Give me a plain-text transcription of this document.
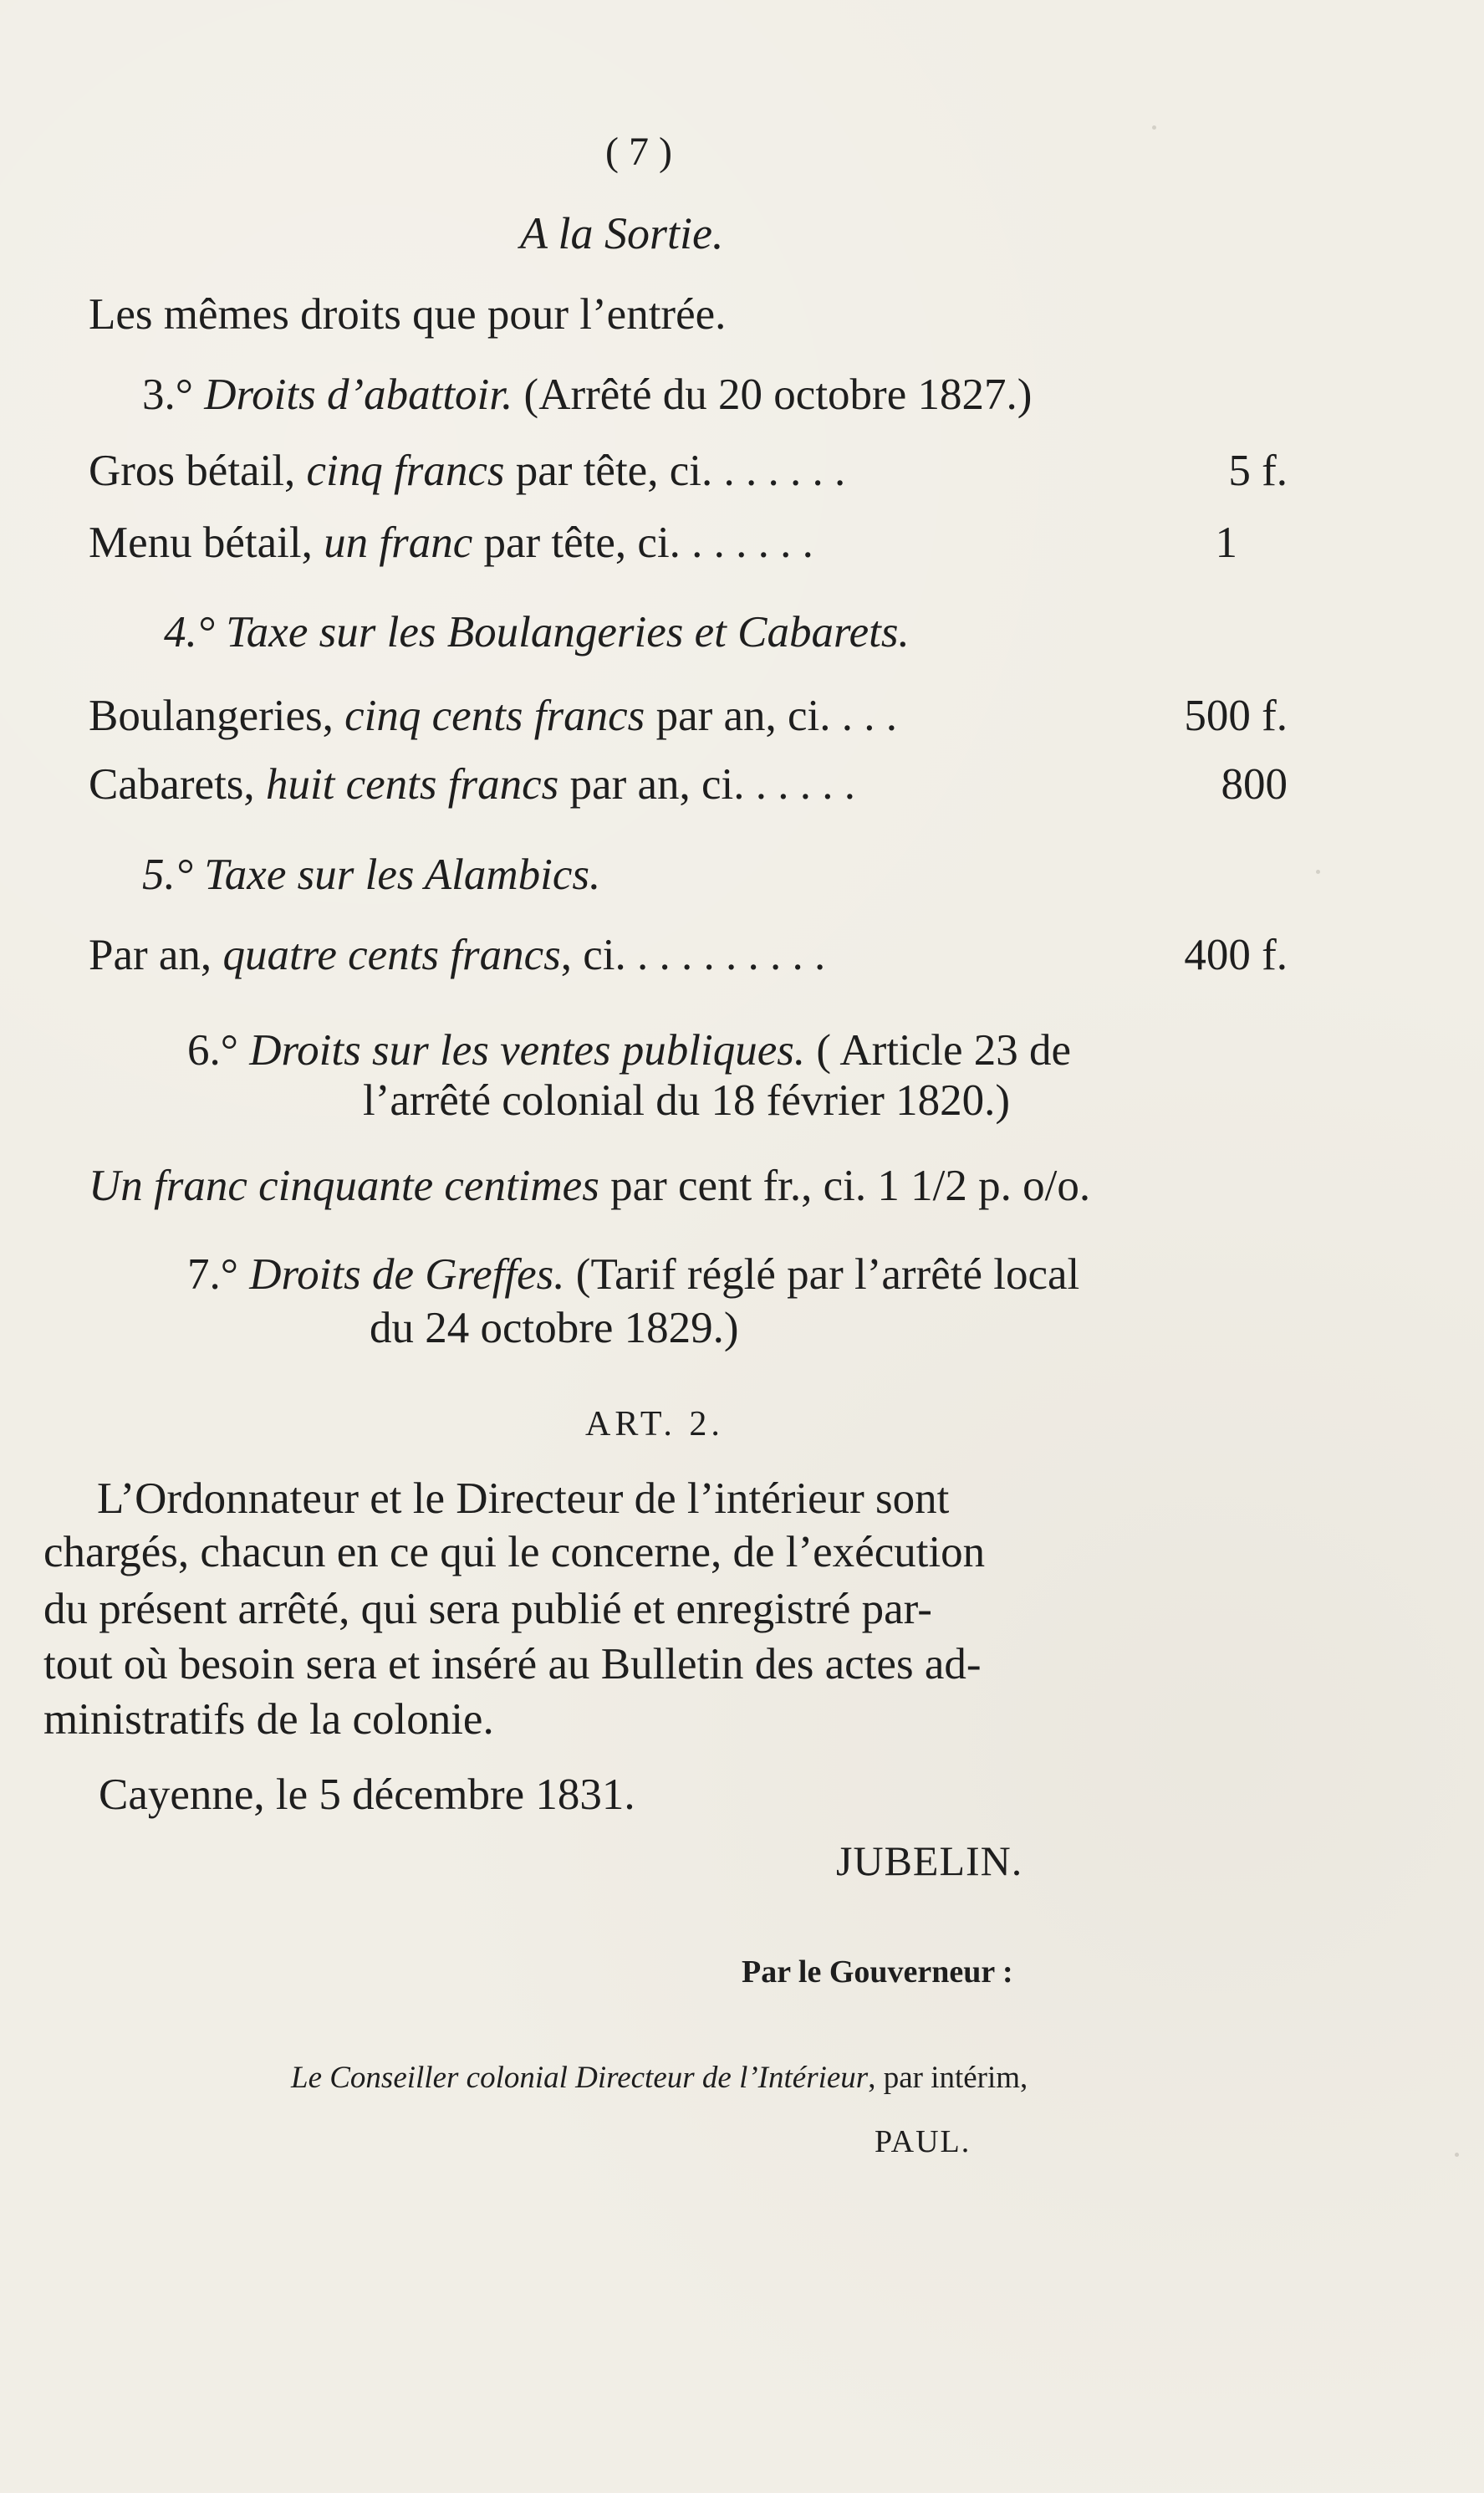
( 7 )
A la Sortie.
Les mêmes droits que pour l’entrée.
3.° Droits d’abattoir. (Arrêté du 20 octobre 1827.)
Gros bétail, cinq francs par tête, ci. . . . . . .	5 f.
Menu bétail, un franc par tête, ci. . . . . . .	1
4.° Taxe sur les Boulangeries et Cabarets.
Boulangeries, cinq cents francs par an, ci. . . .	500 f.
Cabarets, huit cents francs par an, ci. . . . . .	800
5.° Taxe sur les Alambics.
Par an, quatre cents francs, ci. . . . . . . . . .	400 f.
6.° Droits sur les ventes publiques. ( Article 23 de
l’arrêté colonial du 18 février 1820.)
Un franc cinquante centimes par cent fr., ci. 1 1/2 p. o/o.
7.° Droits de Greffes. (Tarif réglé par l’arrêté local
du 24 octobre 1829.)
ART. 2.
L’Ordonnateur et le Directeur de l’intérieur sont
chargés, chacun en ce qui le concerne, de l’exécution
du présent arrêté, qui sera publié et enregistré par-
tout où besoin sera et inséré au Bulletin des actes ad-
ministratifs de la colonie.
Cayenne, le 5 décembre 1831.
JUBELIN.
Par le Gouverneur :
Le Conseiller colonial Directeur de l’Intérieur, par intérim,
PAUL.
